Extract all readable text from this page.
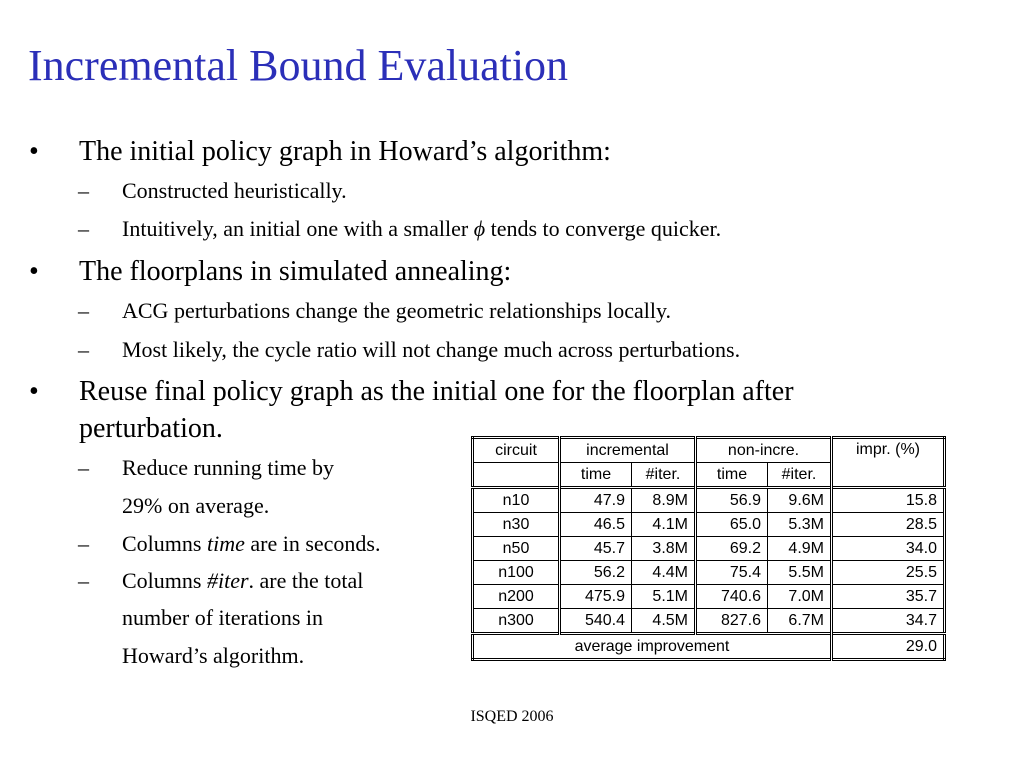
Incremental Bound Evaluation
• The initial policy graph in Howard’s algorithm:
– Constructed heuristically.
– Intuitively, an initial one with a smaller ϕ tends to converge quicker.
• The floorplans in simulated annealing:
– ACG perturbations change the geometric relationships locally.
– Most likely, the cycle ratio will not change much across perturbations.
• Reuse final policy graph as the initial one for the floorplan after
perturbation.
– Reduce running time by
29% on average.
– Columns time are in seconds.
– Columns #iter. are the total
number of iterations in
Howard’s algorithm.
circuit	incremental		non-incre.		impr. (%)
	time	#iter.	time	#iter.	
n10	47.9	8.9M	56.9	9.6M	15.8
n30	46.5	4.1M	65.0	5.3M	28.5
n50	45.7	3.8M	69.2	4.9M	34.0
n100	56.2	4.4M	75.4	5.5M	25.5
n200	475.9	5.1M	740.6	7.0M	35.7
n300	540.4	4.5M	827.6	6.7M	34.7
average improvement					29.0
ISQED 2006
